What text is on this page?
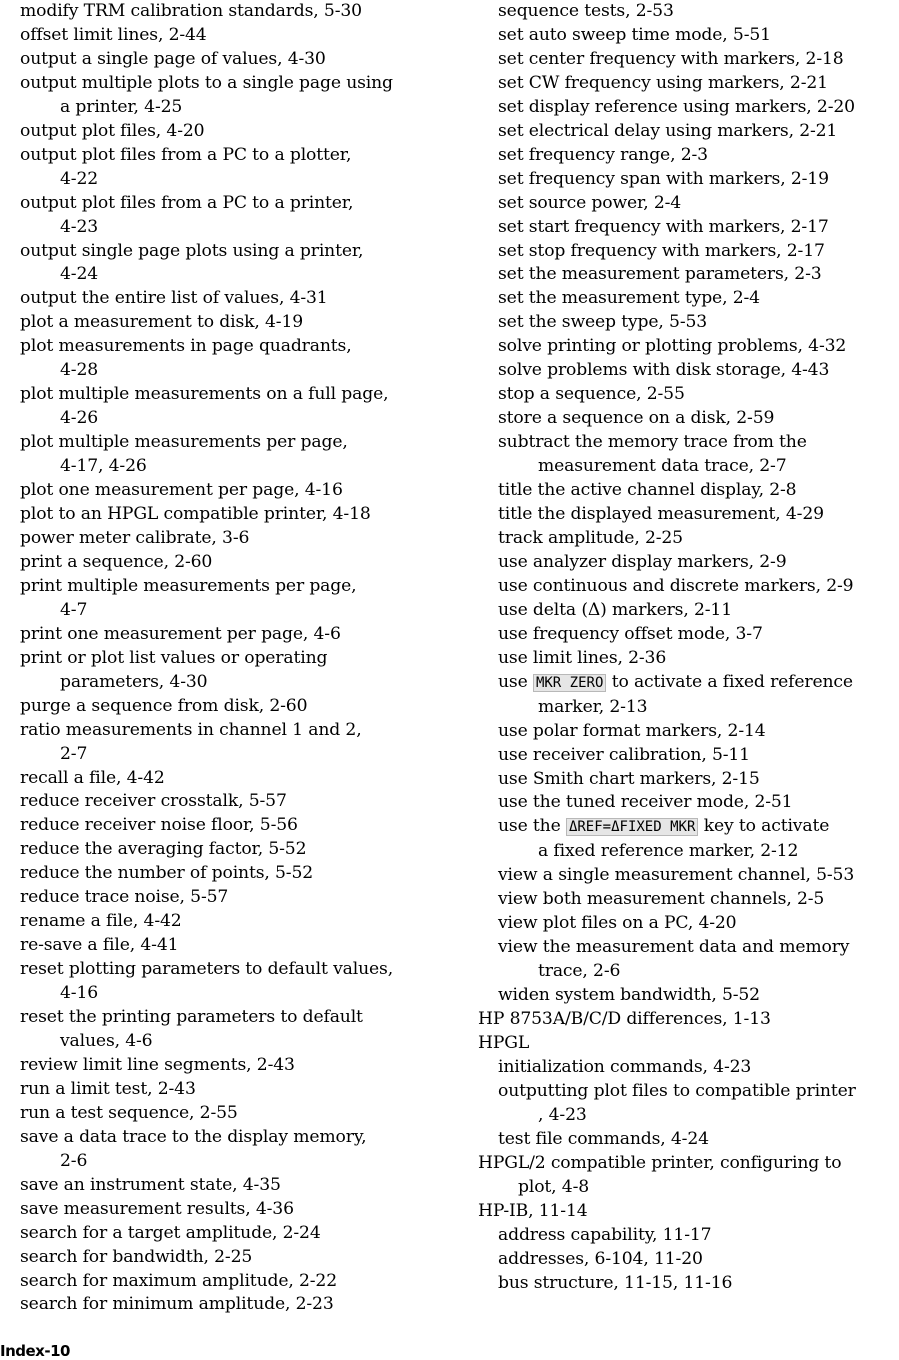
modify TRM calibration standards, 5-30
offset limit lines, 2-44
output a single page of values, 4-30
output multiple plots to a single page using
a printer, 4-25
output plot files, 4-20
output plot files from a PC to a plotter,
4-22
output plot files from a PC to a printer,
4-23
output single page plots using a printer,
4-24
output the entire list of values, 4-31
plot a measurement to disk, 4-19
plot measurements in page quadrants,
4-28
plot multiple measurements on a full page,
4-26
plot multiple measurements per page,
4-17, 4-26
plot one measurement per page, 4-16
plot to an HPGL compatible printer, 4-18
power meter calibrate, 3-6
print a sequence, 2-60
print multiple measurements per page,
4-7
print one measurement per page, 4-6
print or plot list values or operating
parameters, 4-30
purge a sequence from disk, 2-60
ratio measurements in channel 1 and 2,
2-7
recall a file, 4-42
reduce receiver crosstalk, 5-57
reduce receiver noise floor, 5-56
reduce the averaging factor, 5-52
reduce the number of points, 5-52
reduce trace noise, 5-57
rename a file, 4-42
re-save a file, 4-41
reset plotting parameters to default values,
4-16
reset the printing parameters to default
values, 4-6
review limit line segments, 2-43
run a limit test, 2-43
run a test sequence, 2-55
save a data trace to the display memory,
2-6
save an instrument state, 4-35
save measurement results, 4-36
search for a target amplitude, 2-24
search for bandwidth, 2-25
search for maximum amplitude, 2-22
search for minimum amplitude, 2-23
sequence tests, 2-53
set auto sweep time mode, 5-51
set center frequency with markers, 2-18
set CW frequency using markers, 2-21
set display reference using markers, 2-20
set electrical delay using markers, 2-21
set frequency range, 2-3
set frequency span with markers, 2-19
set source power, 2-4
set start frequency with markers, 2-17
set stop frequency with markers, 2-17
set the measurement parameters, 2-3
set the measurement type, 2-4
set the sweep type, 5-53
solve printing or plotting problems, 4-32
solve problems with disk storage, 4-43
stop a sequence, 2-55
store a sequence on a disk, 2-59
subtract the memory trace from the
measurement data trace, 2-7
title the active channel display, 2-8
title the displayed measurement, 4-29
track amplitude, 2-25
use analyzer display markers, 2-9
use continuous and discrete markers, 2-9
use delta (Δ) markers, 2-11
use frequency offset mode, 3-7
use limit lines, 2-36
use MKR ZERO to activate a fixed reference
marker, 2-13
use polar format markers, 2-14
use receiver calibration, 5-11
use Smith chart markers, 2-15
use the tuned receiver mode, 2-51
use the ΔREF=ΔFIXED MKR key to activate
a fixed reference marker, 2-12
view a single measurement channel, 5-53
view both measurement channels, 2-5
view plot files on a PC, 4-20
view the measurement data and memory
trace, 2-6
widen system bandwidth, 5-52
HP 8753A/B/C/D differences, 1-13
HPGL
initialization commands, 4-23
outputting plot files to compatible printer
, 4-23
test file commands, 4-24
HPGL/2 compatible printer, configuring to
plot, 4-8
HP-IB, 11-14
address capability, 11-17
addresses, 6-104, 11-20
bus structure, 11-15, 11-16
Index-10
